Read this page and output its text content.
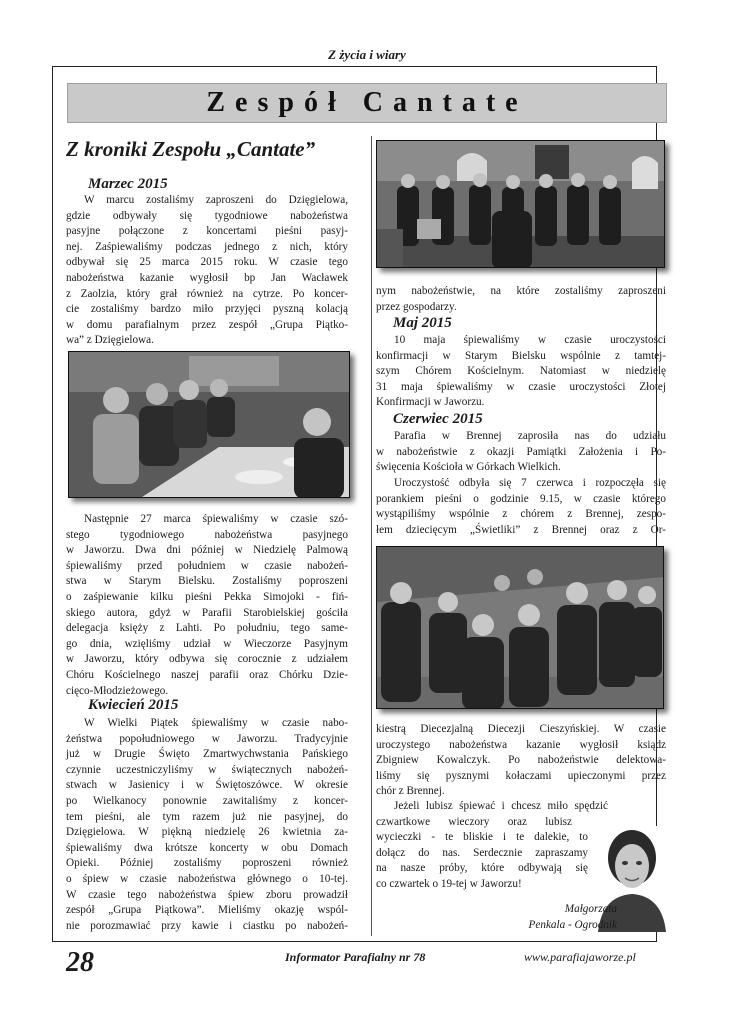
Z życia i wiary
Zespół Cantate
Z kroniki Zespołu „Cantate”
Marzec 2015
W marcu zostaliśmy zaproszeni do Dzięgielowa,
gdzie odbywały się tygodniowe nabożeństwa
pasyjne połączone z koncertami pieśni pasyj-
nej. Zaśpiewaliśmy podczas jednego z nich, który
odbywał się 25 marca 2015 roku. W czasie tego
nabożeństwa kazanie wygłosił bp Jan Wacławek
z Zaolzia, który grał również na cytrze. Po koncer-
cie zostaliśmy bardzo miło przyjęci pyszną kolacją
w domu parafialnym przez zespół „Grupa Piątko-
wa” z Dzięgielowa.
Następnie 27 marca śpiewaliśmy w czasie szó-
stego tygodniowego nabożeństwa pasyjnego
w Jaworzu. Dwa dni później w Niedzielę Palmową
śpiewaliśmy przed południem w czasie nabożeń-
stwa w Starym Bielsku. Zostaliśmy poproszeni
o zaśpiewanie kilku pieśni Pekka Simojoki - fiń-
skiego autora, gdyż w Parafii Starobielskiej gościła
delegacja księży z Lahti. Po południu, tego same-
go dnia, wzięliśmy udział w Wieczorze Pasyjnym
w Jaworzu, który odbywa się corocznie z udziałem
Chóru Kościelnego naszej parafii oraz Chórku Dzie-
cięco-Młodzieżowego.
Kwiecień 2015
W Wielki Piątek śpiewaliśmy w czasie nabo-
żeństwa popołudniowego w Jaworzu. Tradycyjnie
już w Drugie Święto Zmartwychwstania Pańskiego
czynnie uczestniczyliśmy w świątecznych nabożeń-
stwach w Jasienicy i w Świętoszówce. W okresie
po Wielkanocy ponownie zawitaliśmy z koncer-
tem pieśni, ale tym razem już nie pasyjnej, do
Dzięgielowa. W piękną niedzielę 26 kwietnia za-
śpiewaliśmy dwa krótsze koncerty w obu Domach
Opieki. Później zostaliśmy poproszeni również
o śpiew w czasie nabożeństwa głównego o 10-tej.
W czasie tego nabożeństwa śpiew zboru prowadził
zespół „Grupa Piątkowa”. Mieliśmy okazję wspól-
nie porozmawiać przy kawie i ciastku po nabożeń-
nym nabożeństwie, na które zostaliśmy zaproszeni
przez gospodarzy.
Maj 2015
10 maja śpiewaliśmy w czasie uroczystości
konfirmacji w Starym Bielsku wspólnie z tamtej-
szym Chórem Kościelnym. Natomiast w niedzielę
31 maja śpiewaliśmy w czasie uroczystości Złotej
Konfirmacji w Jaworzu.
Czerwiec 2015
Parafia w Brennej zaprosiła nas do udziału
w nabożeństwie z okazji Pamiątki Założenia i Po-
święcenia Kościoła w Górkach Wielkich.
Uroczystość odbyła się 7 czerwca i rozpoczęła się
porankiem pieśni o godzinie 9.15, w czasie którego
wystąpiliśmy wspólnie z chórem z Brennej, zespo-
łem dziecięcym „Świetliki” z Brennej oraz z Or-
kiestrą Diecezjalną Diecezji Cieszyńskiej. W czasie
uroczystego nabożeństwa kazanie wygłosił ksiądz
Zbigniew Kowalczyk. Po nabożeństwie delektowa-
liśmy się pysznymi kołaczami upieczonymi przez
chór z Brennej.
Jeżeli lubisz śpiewać i chcesz miło spędzić
czwartkowe wieczory oraz lubisz
wycieczki - te bliskie i te dalekie, to
dołącz do nas. Serdecznie zapraszamy
na nasze próby, które odbywają się
co czwartek o 19-tej w Jaworzu!
Małgorzata
Penkala - Ogrodnik
28	Informator Parafialny nr 78	www.parafiajaworze.pl
